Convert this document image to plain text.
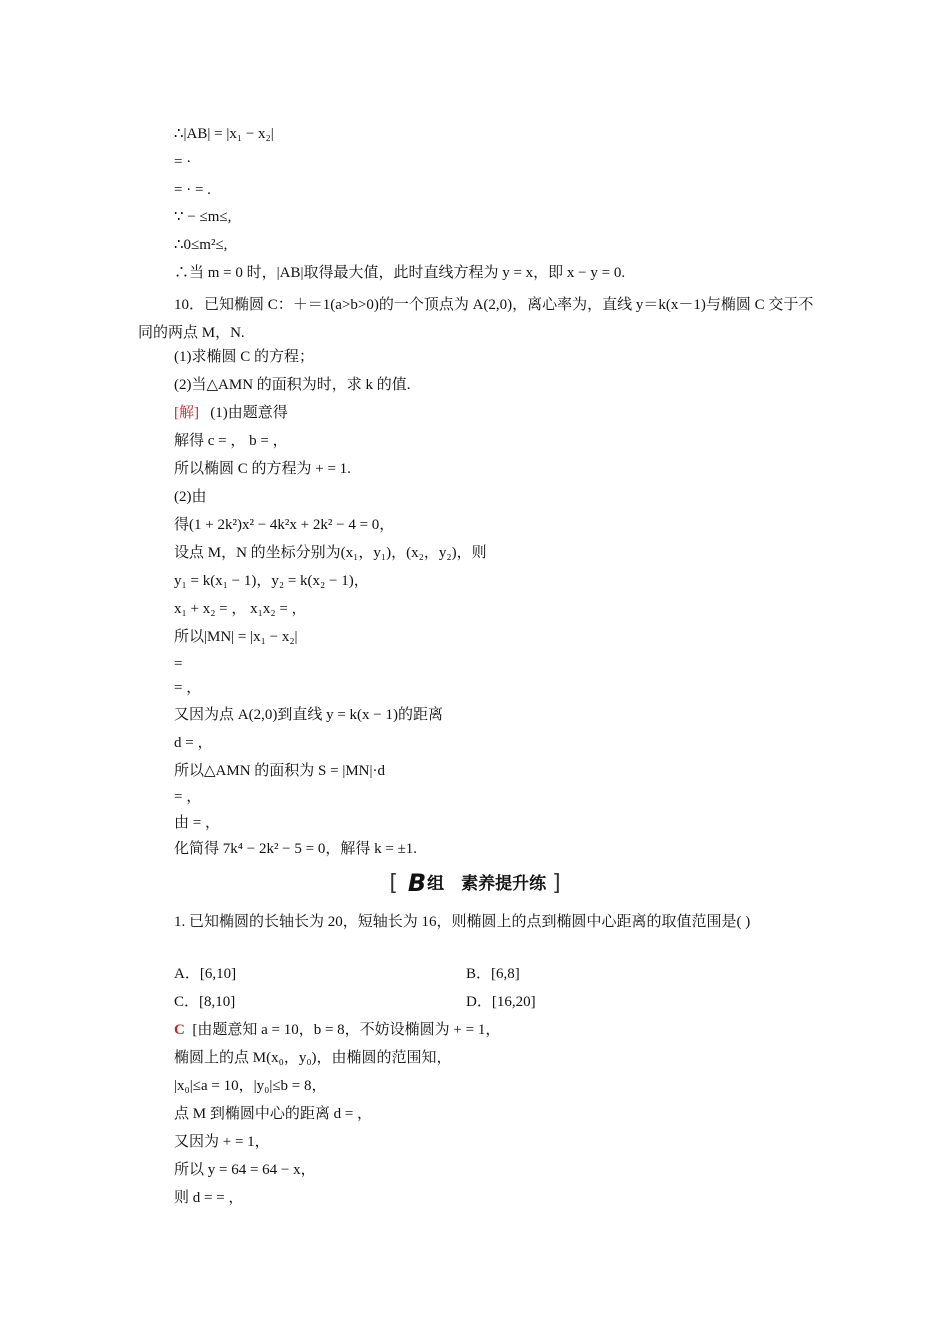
∴|AB| = |x₁ − x₂|
= ·
= · = .
∵ − ≤m≤,
∴0≤m²≤,
∴当 m = 0 时，|AB|取得最大值，此时直线方程为 y = x，即 x − y = 0.
10．已知椭圆 C：＋＝1(a>b>0)的一个顶点为 A(2,0)，离心率为，直线 y＝k(x－1)与椭圆 C 交于不同的两点 M，N.
(1)求椭圆 C 的方程；
(2)当△AMN 的面积为时，求 k 的值.
[解] (1)由题意得
解得 c = ， b = ，
所以椭圆 C 的方程为 + = 1.
(2)由
得(1 + 2k²)x² − 4k²x + 2k² − 4 = 0，
设点 M，N 的坐标分别为(x₁，y₁)，(x₂，y₂)，则
y₁ = k(x₁ − 1)，y₂ = k(x₂ − 1)，
x₁ + x₂ = ， x₁x₂ = ，
所以|MN| = |x₁ − x₂|
=
= ，
又因为点 A(2,0)到直线 y = k(x − 1)的距离
d = ，
所以△AMN 的面积为 S = |MN|·d
= ，
由 = ，
化简得 7k⁴ − 2k² − 5 = 0，解得 k = ±1.
[ B 组　素养提升练 ]
1. 已知椭圆的长轴长为 20，短轴长为 16，则椭圆上的点到椭圆中心距离的取值范围是( )
A．[6,10]	B．[6,8]
C．[8,10]	D．[16,20]
C [由题意知 a = 10，b = 8，不妨设椭圆为 + = 1，
椭圆上的点 M(x₀，y₀)，由椭圆的范围知，
|x₀|≤a = 10，|y₀|≤b = 8，
点 M 到椭圆中心的距离 d = ，
又因为 + = 1，
所以 y = 64 = 64 − x，
则 d = = ，
